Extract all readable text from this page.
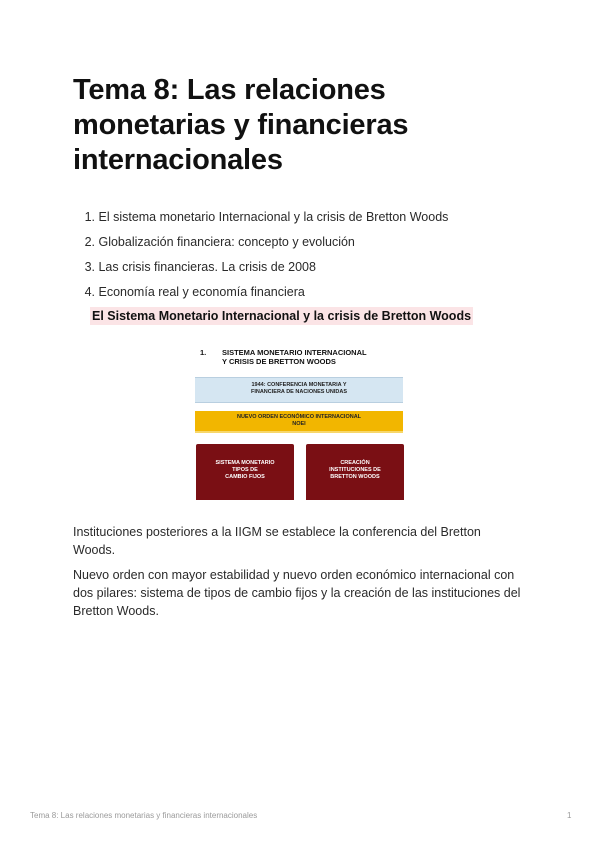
Tema 8: Las relaciones monetarias y financieras internacionales
1. El sistema monetario Internacional y la crisis de Bretton Woods
2. Globalización financiera: concepto y evolución
3. Las crisis financieras. La crisis de 2008
4. Economía real y economía financiera

El Sistema Monetario Internacional y la crisis de Bretton Woods

1. SISTEMA MONETARIO INTERNACIONAL
Y CRISIS DE BRETTON WOODS
1944: CONFERENCIA MONETARIA Y
FINANCIERA DE NACIONES UNIDAS
NUEVO ORDEN ECONÓMICO INTERNACIONAL
NOEI
SISTEMA MONETARIO
TIPOS DE
CAMBIO FIJOS
CREACIÓN
INSTITUCIONES DE
BRETTON WOODS

Instituciones posteriores a la IIGM se establece la conferencia del Bretton Woods.

Nuevo orden con mayor estabilidad y nuevo orden económico internacional con dos pilares: sistema de tipos de cambio fijos y la creación de las instituciones del Bretton Woods.

Tema 8: Las relaciones monetarias y financieras internacionales	1
